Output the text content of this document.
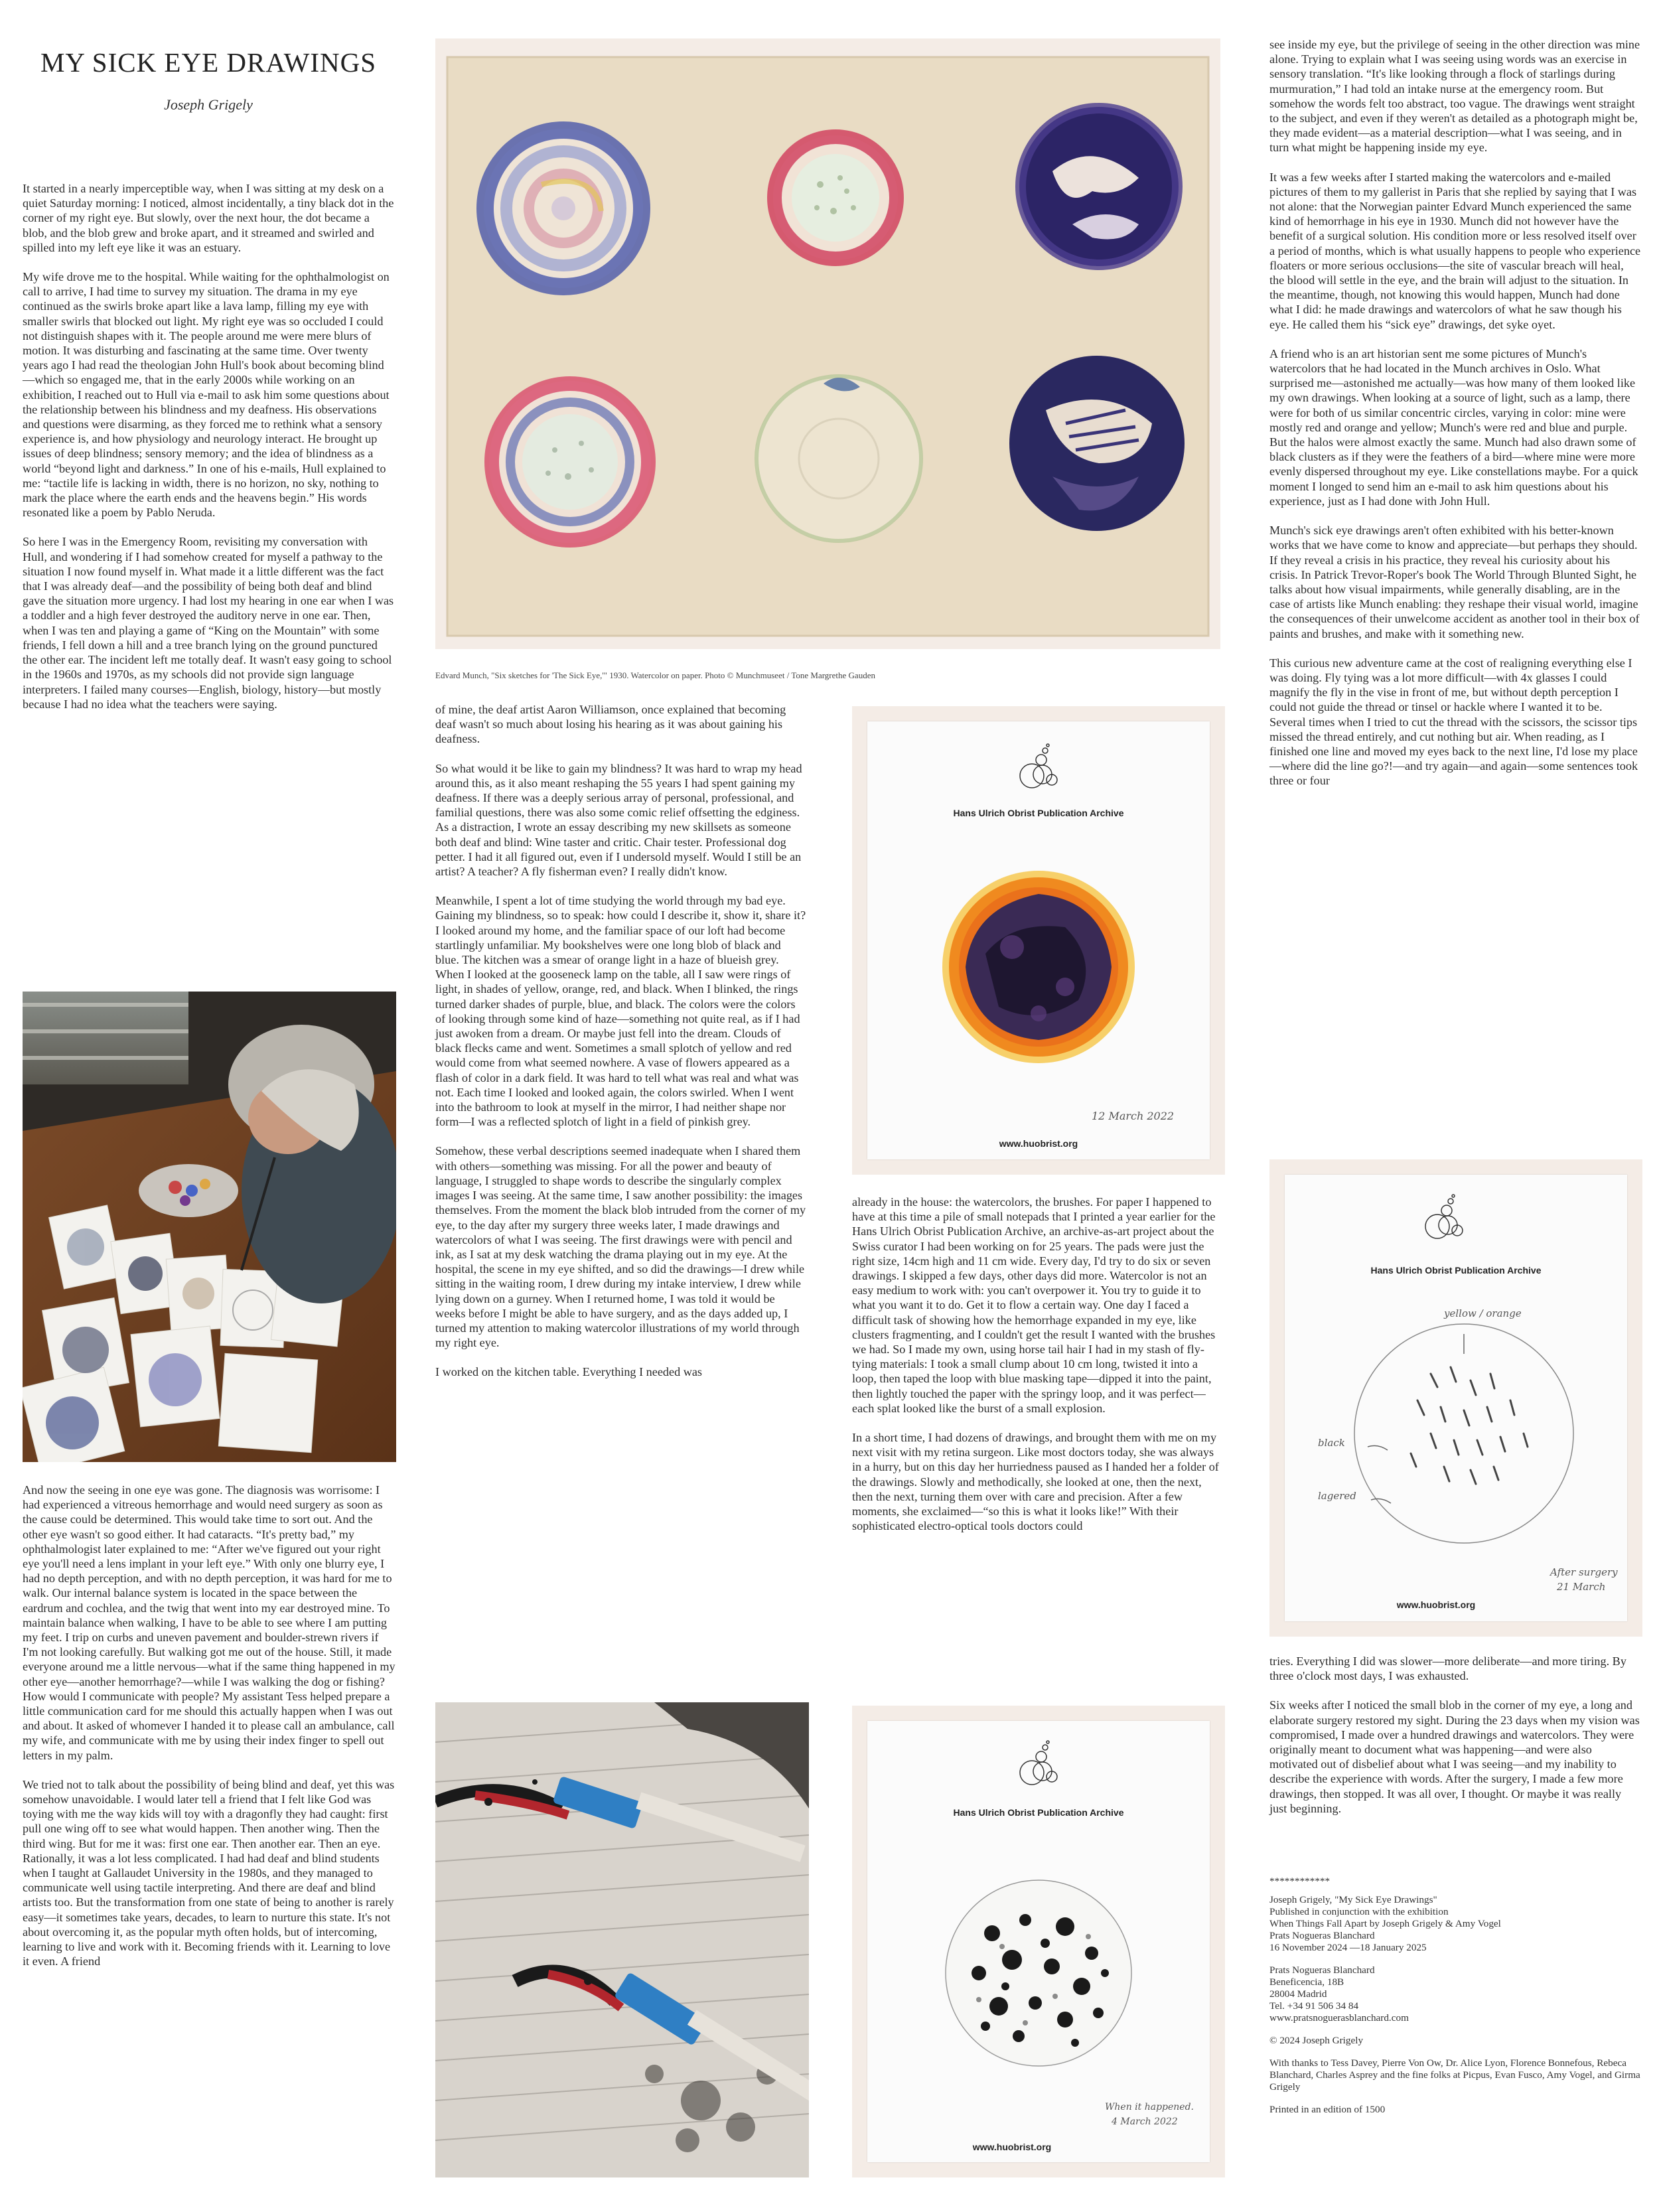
MY SICK EYE DRAWINGS
Joseph Grigely

It started in a nearly imperceptible way, when I was sitting at my desk on a quiet Saturday morning: I noticed, almost incidentally, a tiny black dot in the corner of my right eye. But slowly, over the next hour, the dot became a blob, and the blob grew and broke apart, and it streamed and swirled and spilled into my left eye like it was an estuary.

My wife drove me to the hospital. While waiting for the ophthalmologist on call to arrive, I had time to survey my situation. The drama in my eye continued as the swirls broke apart like a lava lamp, filling my eye with smaller swirls that blocked out light. My right eye was so occluded I could not distinguish shapes with it. The people around me were mere blurs of motion. It was disturbing and fascinating at the same time. Over twenty years ago I had read the theologian John Hull's book about becoming blind—which so engaged me, that in the early 2000s while working on an exhibition, I reached out to Hull via e-mail to ask him some questions about the relationship between his blindness and my deafness. His observations and questions were disarming, as they forced me to rethink what a sensory experience is, and how physiology and neurology interact. He brought up issues of deep blindness; sensory memory; and the idea of blindness as a world “beyond light and darkness.” In one of his e-mails, Hull explained to me: “tactile life is lacking in width, there is no horizon, no sky, nothing to mark the place where the earth ends and the heavens begin.” His words resonated like a poem by Pablo Neruda.

So here I was in the Emergency Room, revisiting my conversation with Hull, and wondering if I had somehow created for myself a pathway to the situation I now found myself in. What made it a little different was the fact that I was already deaf—and the possibility of being both deaf and blind gave the situation more urgency. I had lost my hearing in one ear when I was a toddler and a high fever destroyed the auditory nerve in one ear. Then, when I was ten and playing a game of “King on the Mountain” with some friends, I fell down a hill and a tree branch lying on the ground punctured the other ear. The incident left me totally deaf. It wasn't easy going to school in the 1960s and 1970s, as my schools did not provide sign language interpreters. I failed many courses—English, biology, history—but mostly because I had no idea what the teachers were saying.

And now the seeing in one eye was gone. The diagnosis was worrisome: I had experienced a vitreous hemorrhage and would need surgery as soon as the cause could be determined. This would take time to sort out. And the other eye wasn't so good either. It had cataracts. “It's pretty bad,” my ophthalmologist later explained to me: “After we've figured out your right eye you'll need a lens implant in your left eye.” With only one blurry eye, I had no depth perception, and with no depth perception, it was hard for me to walk. Our internal balance system is located in the space between the eardrum and cochlea, and the twig that went into my ear destroyed mine. To maintain balance when walking, I have to be able to see where I am putting my feet. I trip on curbs and uneven pavement and boulder-strewn rivers if I'm not looking carefully. But walking got me out of the house. Still, it made everyone around me a little nervous—what if the same thing happened in my other eye—another hemorrhage?—while I was walking the dog or fishing? How would I communicate with people? My assistant Tess helped prepare a little communication card for me should this actually happen when I was out and about. It asked of whomever I handed it to please call an ambulance, call my wife, and communicate with me by using their index finger to spell out letters in my palm.

We tried not to talk about the possibility of being blind and deaf, yet this was somehow unavoidable. I would later tell a friend that I felt like God was toying with me the way kids will toy with a dragonfly they had caught: first pull one wing off to see what would happen. Then another wing. Then the third wing. But for me it was: first one ear. Then another ear. Then an eye. Rationally, it was a lot less complicated. I had had deaf and blind students when I taught at Gallaudet University in the 1980s, and they managed to communicate well using tactile interpreting. And there are deaf and blind artists too. But the transformation from one state of being to another is rarely easy—it sometimes take years, decades, to learn to nurture this state. It's not about overcoming it, as the popular myth often holds, but of intercoming, learning to live and work with it. Becoming friends with it. Learning to love it even. A friend

Edvard Munch, "Six sketches for 'The Sick Eye,'" 1930. Watercolor on paper. Photo © Munchmuseet / Tone Margrethe Gauden

of mine, the deaf artist Aaron Williamson, once explained that becoming deaf wasn't so much about losing his hearing as it was about gaining his deafness.

So what would it be like to gain my blindness? It was hard to wrap my head around this, as it also meant reshaping the 55 years I had spent gaining my deafness. If there was a deeply serious array of personal, professional, and familial questions, there was also some comic relief offsetting the edginess. As a distraction, I wrote an essay describing my new skillsets as someone both deaf and blind: Wine taster and critic. Chair tester. Professional dog petter. I had it all figured out, even if I undersold myself. Would I still be an artist? A teacher? A fly fisherman even? I really didn't know.

Meanwhile, I spent a lot of time studying the world through my bad eye. Gaining my blindness, so to speak: how could I describe it, show it, share it? I looked around my home, and the familiar space of our loft had become startlingly unfamiliar. My bookshelves were one long blob of black and blue. The kitchen was a smear of orange light in a haze of blueish grey. When I looked at the gooseneck lamp on the table, all I saw were rings of light, in shades of yellow, orange, red, and black. When I blinked, the rings turned darker shades of purple, blue, and black. The colors were the colors of looking through some kind of haze—something not quite real, as if I had just awoken from a dream. Or maybe just fell into the dream. Clouds of black flecks came and went. Sometimes a small splotch of yellow and red would come from what seemed nowhere. A vase of flowers appeared as a flash of color in a dark field. It was hard to tell what was real and what was not. Each time I looked and looked again, the colors swirled. When I went into the bathroom to look at myself in the mirror, I had neither shape nor form—I was a reflected splotch of light in a field of pinkish grey.

Somehow, these verbal descriptions seemed inadequate when I shared them with others—something was missing. For all the power and beauty of language, I struggled to shape words to describe the singularly complex images I was seeing. At the same time, I saw another possibility: the images themselves. From the moment the black blob intruded from the corner of my eye, to the day after my surgery three weeks later, I made drawings and watercolors of what I was seeing. The first drawings were with pencil and ink, as I sat at my desk watching the drama playing out in my eye. At the hospital, the scene in my eye shifted, and so did the drawings—I drew while sitting in the waiting room, I drew during my intake interview, I drew while lying down on a gurney. When I returned home, I was told it would be weeks before I might be able to have surgery, and as the days added up, I turned my attention to making watercolor illustrations of my world through my right eye.

I worked on the kitchen table. Everything I needed was

Hans Ulrich Obrist Publication Archive
12 March 2022
www.huobrist.org

already in the house: the watercolors, the brushes. For paper I happened to have at this time a pile of small notepads that I printed a year earlier for the Hans Ulrich Obrist Publication Archive, an archive-as-art project about the Swiss curator I had been working on for 25 years. The pads were just the right size, 14cm high and 11 cm wide. Every day, I'd try to do six or seven drawings. I skipped a few days, other days did more. Watercolor is not an easy medium to work with: you can't overpower it. You try to guide it to what you want it to do. Get it to flow a certain way. One day I faced a difficult task of showing how the hemorrhage expanded in my eye, like clusters fragmenting, and I couldn't get the result I wanted with the brushes we had. So I made my own, using horse tail hair I had in my stash of fly-tying materials: I took a small clump about 10 cm long, twisted it into a loop, then taped the loop with blue masking tape—dipped it into the paint, then lightly touched the paper with the springy loop, and it was perfect—each splat looked like the burst of a small explosion.

In a short time, I had dozens of drawings, and brought them with me on my next visit with my retina surgeon. Like most doctors today, she was always in a hurry, but on this day her hurriedness paused as I handed her a folder of the drawings. Slowly and methodically, she looked at one, then the next, then the next, turning them over with care and precision. After a few moments, she exclaimed—“so this is what it looks like!” With their sophisticated electro-optical tools doctors could

Hans Ulrich Obrist Publication Archive
When it happened.
4 March 2022
www.huobrist.org

see inside my eye, but the privilege of seeing in the other direction was mine alone. Trying to explain what I was seeing using words was an exercise in sensory translation. “It's like looking through a flock of starlings during murmuration,” I had told an intake nurse at the emergency room. But somehow the words felt too abstract, too vague. The drawings went straight to the subject, and even if they weren't as detailed as a photograph might be, they made evident—as a material description—what I was seeing, and in turn what might be happening inside my eye.

It was a few weeks after I started making the watercolors and e-mailed pictures of them to my gallerist in Paris that she replied by saying that I was not alone: that the Norwegian painter Edvard Munch experienced the same kind of hemorrhage in his eye in 1930. Munch did not however have the benefit of a surgical solution. His condition more or less resolved itself over a period of months, which is what usually happens to people who experience floaters or more serious occlusions—the site of vascular breach will heal, the blood will settle in the eye, and the brain will adjust to the situation. In the meantime, though, not knowing this would happen, Munch had done what I did: he made drawings and watercolors of what he saw though his eye. He called them his “sick eye” drawings, det syke oyet.

A friend who is an art historian sent me some pictures of Munch's watercolors that he had located in the Munch archives in Oslo. What surprised me—astonished me actually—was how many of them looked like my own drawings. When looking at a source of light, such as a lamp, there were for both of us similar concentric circles, varying in color: mine were mostly red and orange and yellow; Munch's were red and blue and purple. But the halos were almost exactly the same. Munch had also drawn some of black clusters as if they were the feathers of a bird—where mine were more evenly dispersed throughout my eye. Like constellations maybe. For a quick moment I longed to send him an e-mail to ask him questions about his experience, just as I had done with John Hull.

Munch's sick eye drawings aren't often exhibited with his better-known works that we have come to know and appreciate—but perhaps they should. If they reveal a crisis in his practice, they reveal his curiosity about his crisis. In Patrick Trevor-Roper's book The World Through Blunted Sight, he talks about how visual impairments, while generally disabling, are in the case of artists like Munch enabling: they reshape their visual world, imagine the consequences of their unwelcome accident as another tool in their box of paints and brushes, and make with it something new.

This curious new adventure came at the cost of realigning everything else I was doing. Fly tying was a lot more difficult—with 4x glasses I could magnify the fly in the vise in front of me, but without depth perception I could not guide the thread or tinsel or hackle where I wanted it to be. Several times when I tried to cut the thread with the scissors, the scissor tips missed the thread entirely, and cut nothing but air. When reading, as I finished one line and moved my eyes back to the next line, I'd lose my place—where did the line go?!—and try again—and again—some sentences took three or four

Hans Ulrich Obrist Publication Archive
yellow / orange
black
lagered
After surgery
21 March
www.huobrist.org

tries. Everything I did was slower—more deliberate—and more tiring. By three o'clock most days, I was exhausted.

Six weeks after I noticed the small blob in the corner of my eye, a long and elaborate surgery restored my sight. During the 23 days when my vision was compromised, I made over a hundred drawings and watercolors. They were originally meant to document what was happening—and were also motivated out of disbelief about what I was seeing—and my inability to describe the experience with words. After the surgery, I made a few more drawings, then stopped. It was all over, I thought. Or maybe it was really just beginning.

************

Joseph Grigely, "My Sick Eye Drawings"
Published in conjunction with the exhibition
When Things Fall Apart by Joseph Grigely & Amy Vogel
Prats Nogueras Blanchard
16 November 2024 —18 January 2025

Prats Nogueras Blanchard
Beneficencia, 18B
28004 Madrid
Tel. +34 91 506 34 84
www.pratsnoguerasblanchard.com

© 2024 Joseph Grigely

With thanks to Tess Davey, Pierre Von Ow, Dr. Alice Lyon, Florence Bonnefous, Rebeca Blanchard, Charles Asprey and the fine folks at Picpus, Evan Fusco, Amy Vogel, and Girma Grigely

Printed in an edition of 1500
